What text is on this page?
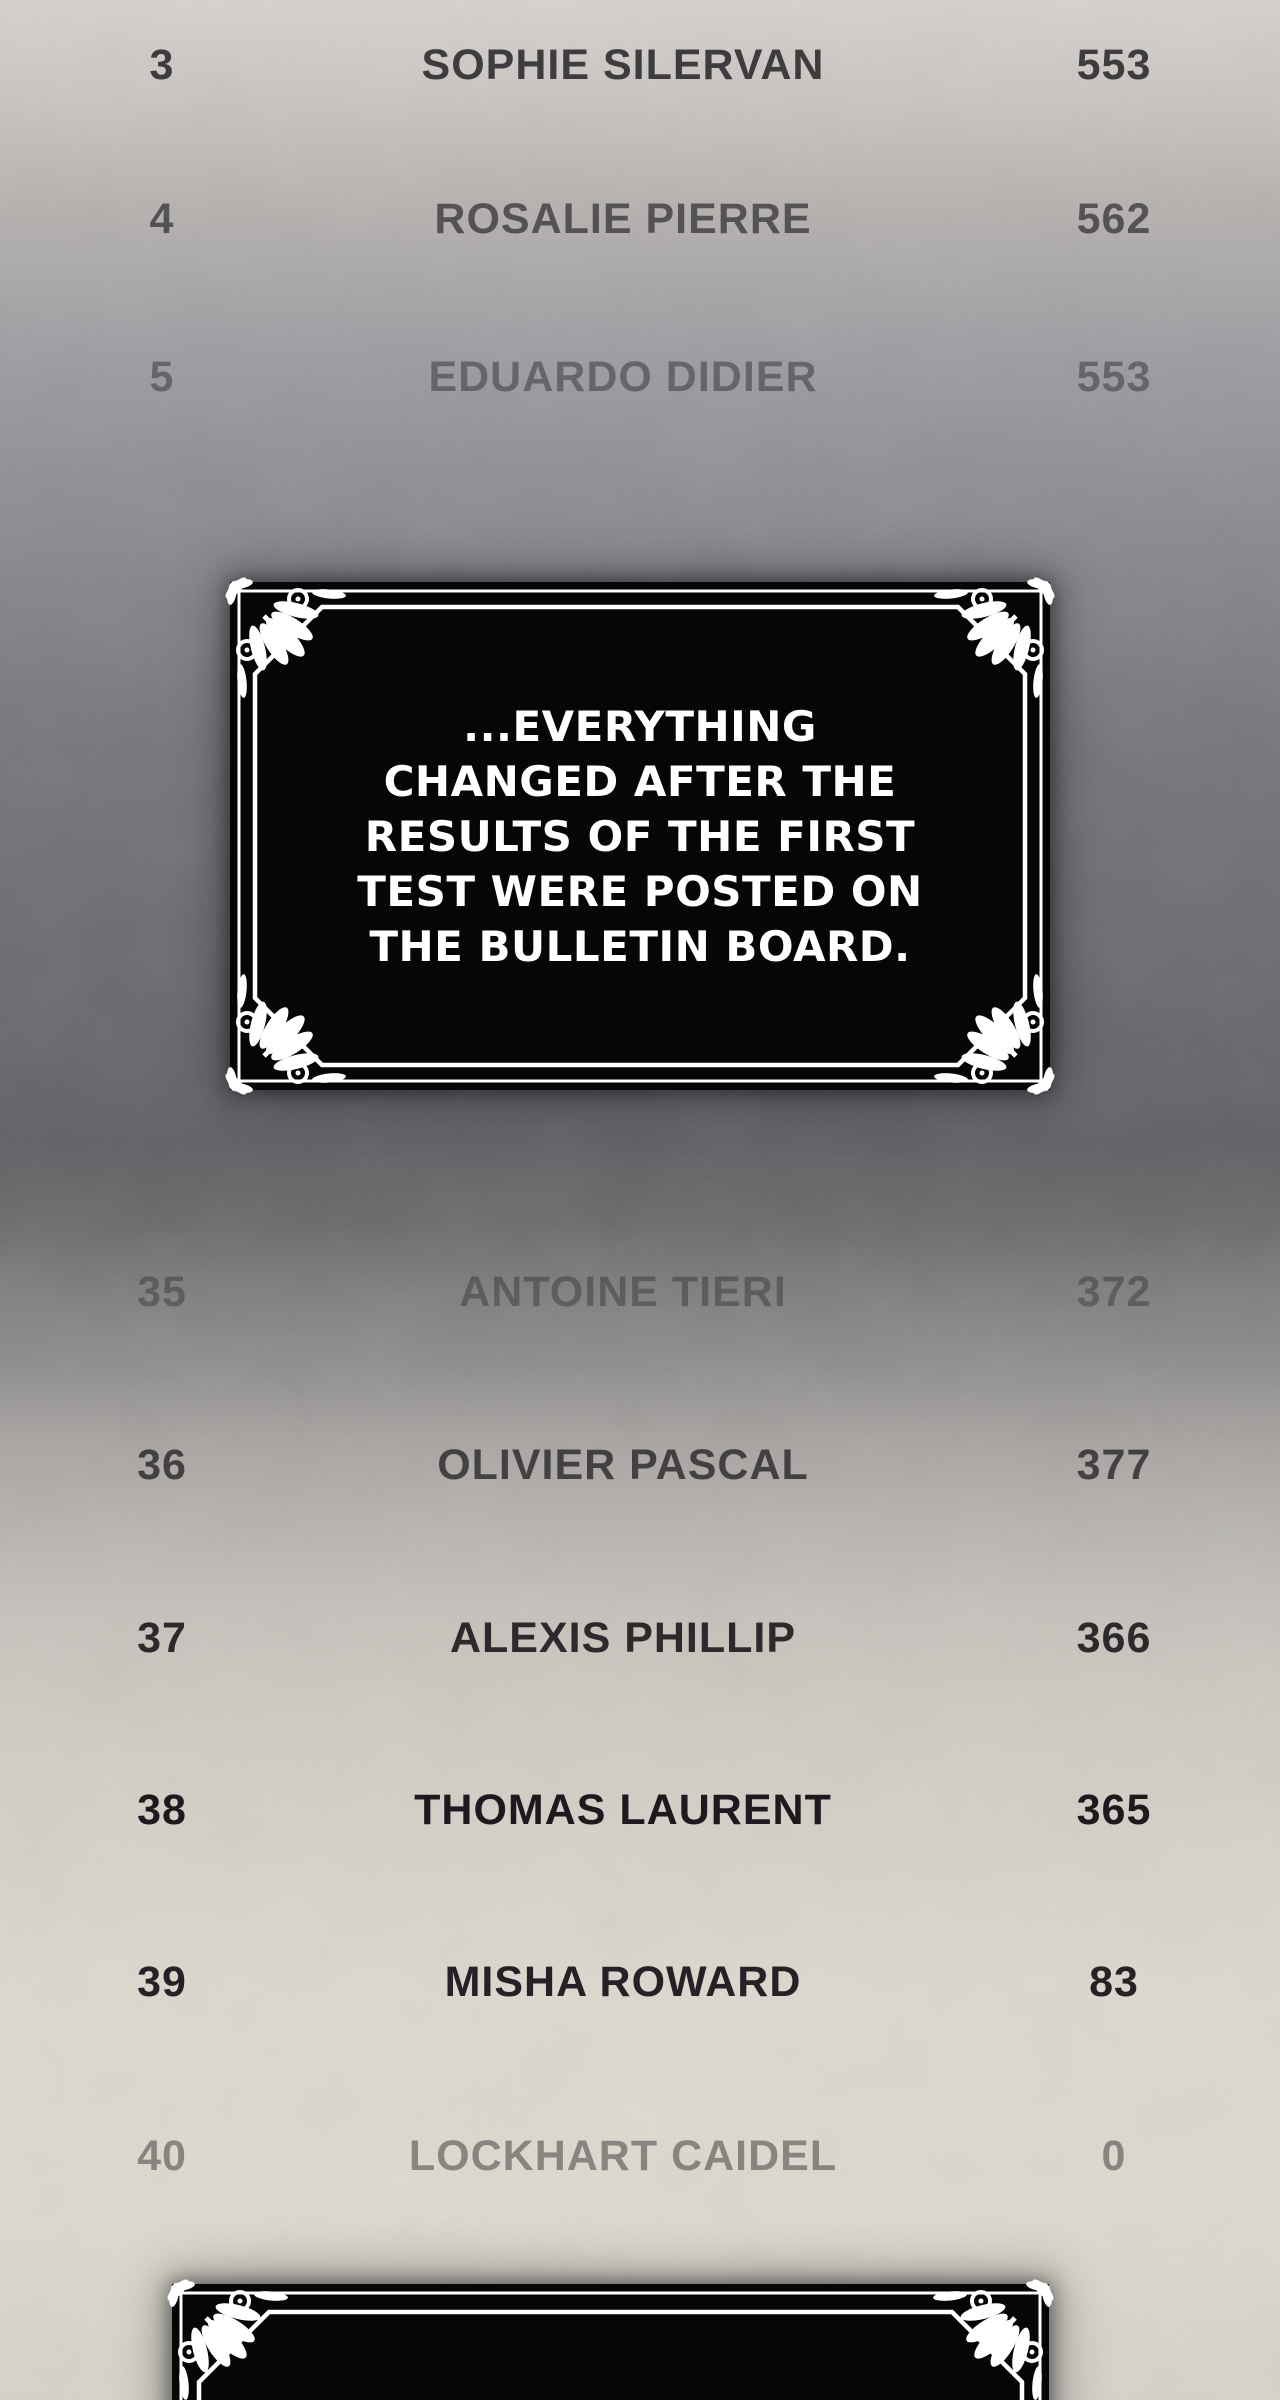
3	SOPHIE SILERVAN	553
4	ROSALIE PIERRE	562
5	EDUARDO DIDIER	553
35	ANTOINE TIERI	372
36	OLIVIER PASCAL	377
37	ALEXIS PHILLIP	366
38	THOMAS LAURENT	365
39	MISHA ROWARD	83
40	LOCKHART CAIDEL	0
...EVERYTHING
CHANGED AFTER THE
RESULTS OF THE FIRST
TEST WERE POSTED ON
THE BULLETIN BOARD.
